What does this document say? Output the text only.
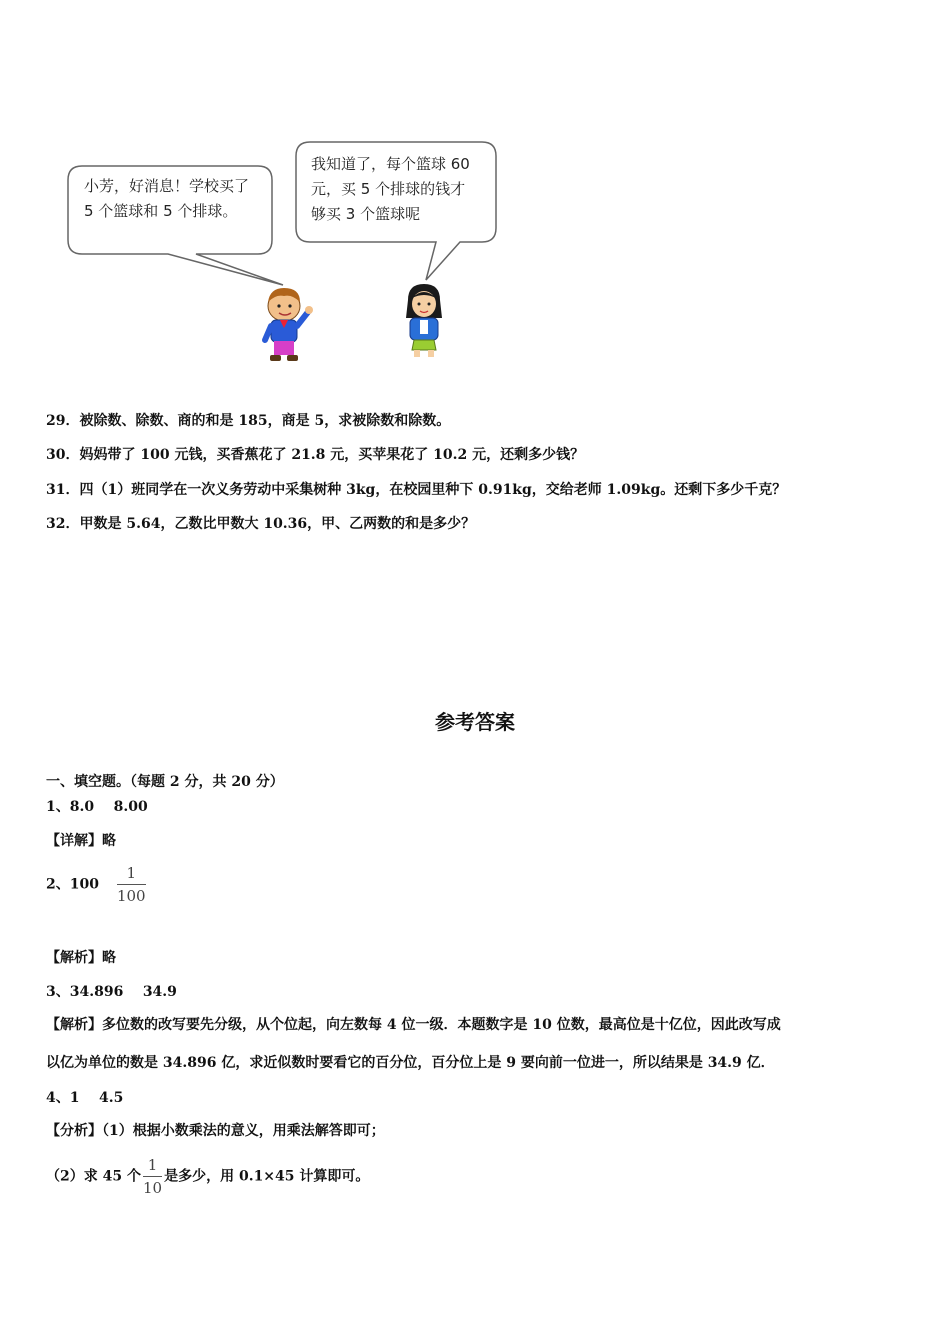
小芳，好消息！学校买了
5 个篮球和 5 个排球。
我知道了，每个篮球 60
元，买 5 个排球的钱才
够买 3 个篮球呢
29．被除数、除数、商的和是 185，商是 5，求被除数和除数。
30．妈妈带了 100 元钱，买香蕉花了 21.8 元，买苹果花了 10.2 元，还剩多少钱？
31．四（1）班同学在一次义务劳动中采集树种 3kg，在校园里种下 0.91kg，交给老师 1.09kg。还剩下多少千克？
32．甲数是 5.64，乙数比甲数大 10.36，甲、乙两数的和是多少？
参考答案
一、填空题。（每题 2 分，共 20 分）
1、8.0    8.00
【详解】略
2、$100 \frac{1}{100}$
【解析】略
3、34.896    34.9
【解析】多位数的改写要先分级，从个位起，向左数每 4 位一级．本题数字是 10 位数，最高位是十亿位，因此改写成
以亿为单位的数是 34.896 亿，求近似数时要看它的百分位，百分位上是 9 要向前一位进一，所以结果是 34.9 亿．
4、1    4.5
【分析】（1）根据小数乘法的意义，用乘法解答即可；
（2）求 45 个 $\frac{1}{10}$ 是多少，用 0.1×45 计算即可。
